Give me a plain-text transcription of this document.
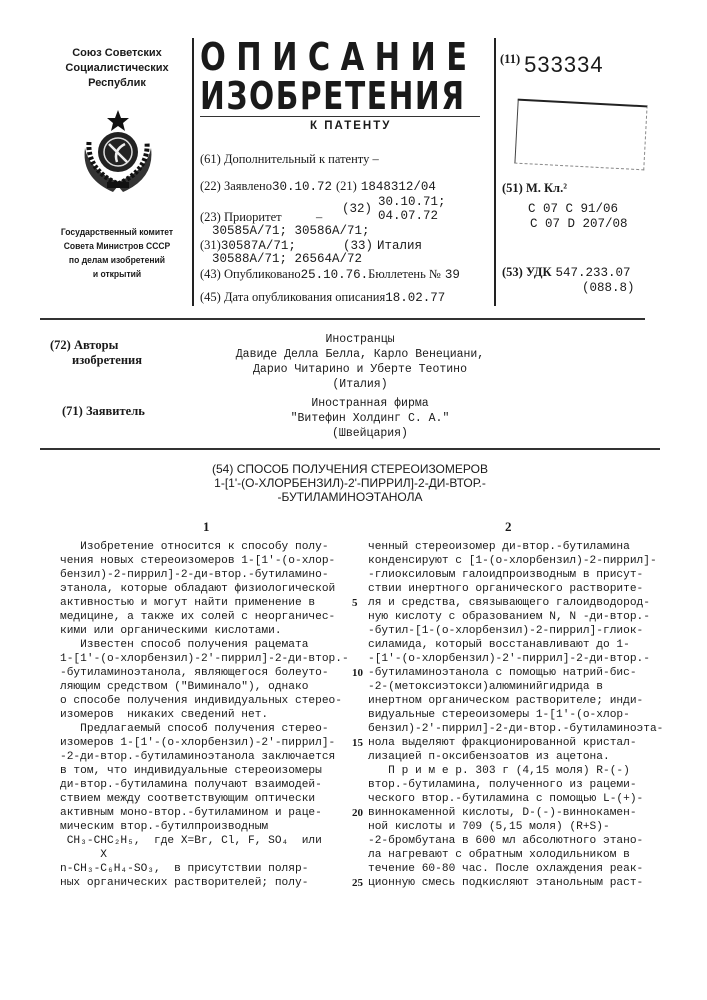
Союз Советских
Социалистических
Республик
Государственный комитет
Совета Министров СССР
по делам изобретений
и открытий
ОПИСАНИЕ
ИЗОБРЕТЕНИЯ
К ПАТЕНТУ
(61) Дополнительный к патенту –
(22) Заявлено30.10.72 (21) 1848312/04
(32) 30.10.71;
04.07.72
(23) Приоритет	–
30585A/71; 30586A/71;
(31)30587A/71;	(33) Италия
30588A/71; 26564A/72
(43) Опубликовано25.10.76.Бюллетень № 39
(45) Дата опубликования описания18.02.77
(11) 533334
(51) М. Кл.²
С 07 С 91/06
С 07 D 207/08
(53) УДК 547.233.07
(088.8)
(72) Авторы
изобретения
Иностранцы
Давиде Делла Белла, Карло Венециани,
Дарио Читарино и Уберте Теотино
(Италия)
(71) Заявитель
Иностранная фирма
"Витефин Холдинг С. А."
(Швейцария)
(54) СПОСОБ ПОЛУЧЕНИЯ СТЕРЕОИЗОМЕРОВ
1-[1'-(О-ХЛОРБЕНЗИЛ)-2'-ПИРРИЛ]-2-ДИ-ВТОР.-
-БУТИЛАМИНОЭТАНОЛА
1	2
Изобретение относится к способу полу-
чения новых стереоизомеров 1-[1'-(о-хлор-
бензил)-2-пиррил]-2-ди-втор.-бутиламино-
этанола, которые обладают физиологической
активностью и могут найти применение в
медицине, а также их солей с неорганичес-
кими или органическими кислотами.
Известен способ получения рацемата
1-[1'-(о-хлорбензил)-2'-пиррил]-2-ди-втор.-
-бутиламиноэтанола, являющегося болеуто-
ляющим средством ("Виминало"), однако
о способе получения индивидуальных стерео-
изомеров  никаких сведений нет.
Предлагаемый способ получения стерео-
изомеров 1-[1'-(о-хлорбензил)-2'-пиррил]-
-2-ди-втор.-бутиламиноэтанола заключается
в том, что индивидуальные стереоизомеры
ди-втор.-бутиламина получают взаимодей-
ствием между соответствующим оптически
активным моно-втор.-бутиламином и раце-
мическим втор.-бутилпроизводным
CH₃-CHC₂H₅,  где X=Br, Cl, F, SO₄  или
X
n-CH₃-C₆H₄-SO₃,  в присутствии поляр-
ных органических растворителей; полу-
ченный стереоизомер ди-втор.-бутиламина
конденсируют с [1-(о-хлорбензил)-2-пиррил]-
-глиоксиловым галоидпроизводным в присут-
ствии инертного органического растворите-
ля и средства, связывающего галоидводород-
ную кислоту с образованием N, N -ди-втор.-
-бутил-[1-(о-хлорбензил)-2-пиррил]-глиок-
силамида, который восстанавливают до 1-
-[1'-(о-хлорбензил)-2'-пиррил]-2-ди-втор.-
-бутиламиноэтанола с помощью натрий-бис-
-2-(метоксиэтокси)алюминийгидрида в
инертном органическом растворителе; инди-
видуальные стереоизомеры 1-[1'-(о-хлор-
бензил)-2'-пиррил]-2-ди-втор.-бутиламиноэта-
нола выделяют фракционированной кристал-
лизацией п-оксибензоатов из ацетона.
П р и м е р. 303 г (4,15 моля) R-(-)
втор.-бутиламина, полученного из рацеми-
ческого втор.-бутиламина с помощью L-(+)-
виннокаменной кислоты, D-(-)-виннокамен-
ной кислоты и 709 (5,15 моля) (R+S)-
-2-бромбутана в 600 мл абсолютного этано-
ла нагревают с обратным холодильником в
течение 60-80 час. После охлаждения реак-
ционную смесь подкисляют этанольным раст-
5
10
15
20
25
